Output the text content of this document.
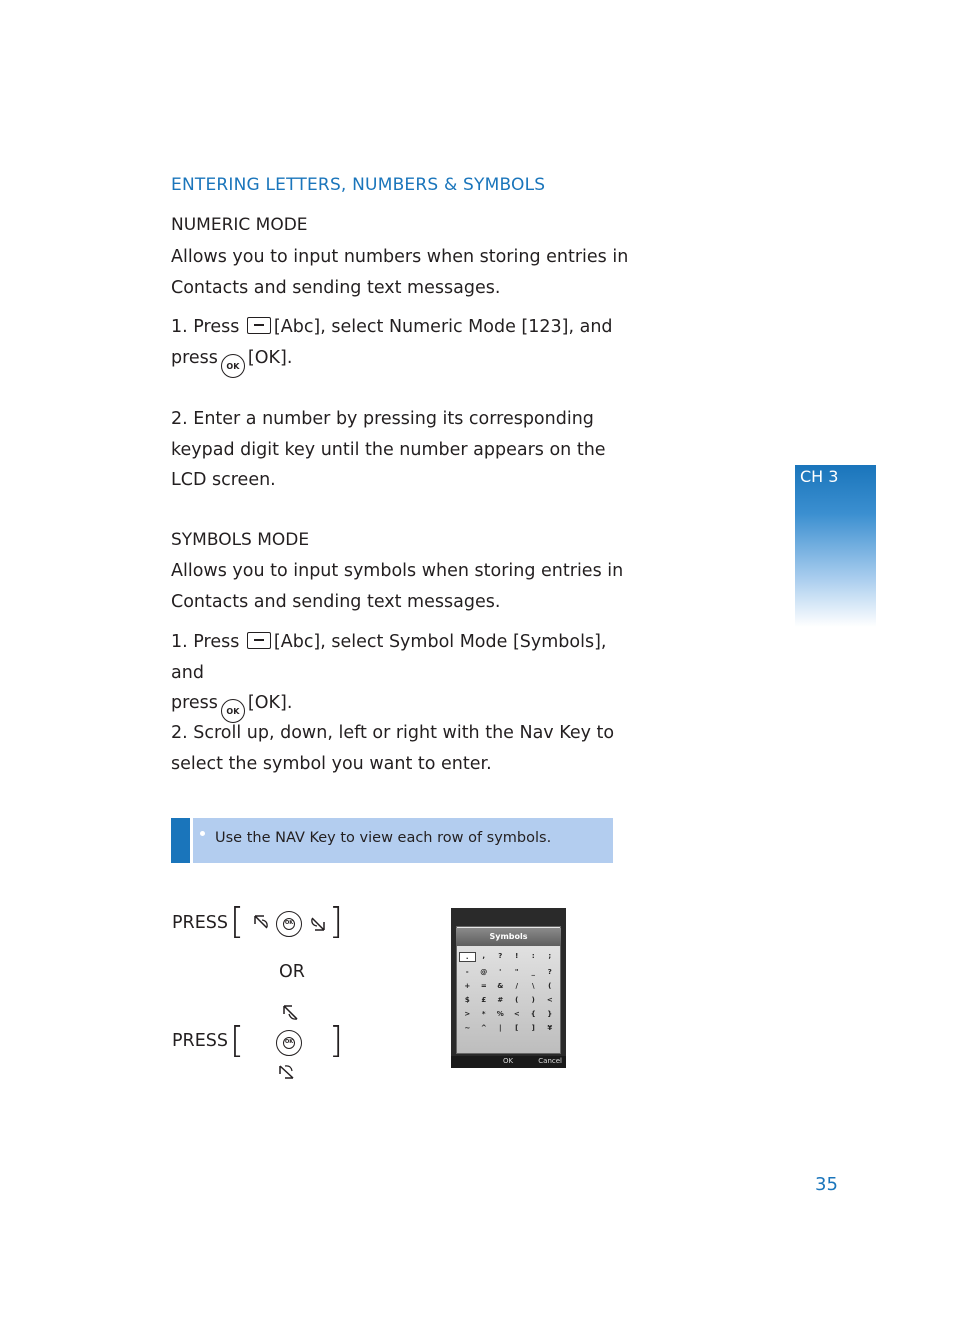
ENTERING LETTERS, NUMBERS & SYMBOLS
NUMERIC MODE
Allows you to input numbers when storing entries in
Contacts and sending text messages.
1. Press [Abc], select Numeric Mode [123], and
press OK [OK].
2. Enter a number by pressing its corresponding
keypad digit key until the number appears on the
LCD screen.
SYMBOLS MODE
Allows you to input symbols when storing entries in
Contacts and sending text messages.
1. Press [Abc], select Symbol Mode [Symbols], and
press OK [OK].
2. Scroll up, down, left or right with the Nav Key to
select the symbol you want to enter.
Use the NAV Key to view each row of symbols.
PRESS [	OK ]
OR
PRESS [	OK ]
Symbols
.	,	?	!	:	;
-	@	'	"	_	?
+	=	&	/	\	(
$	£	#	(	)	<
>	*	%	<	{	}
~	^	|	[	]	¥
OK	Cancel
CH 3
35
